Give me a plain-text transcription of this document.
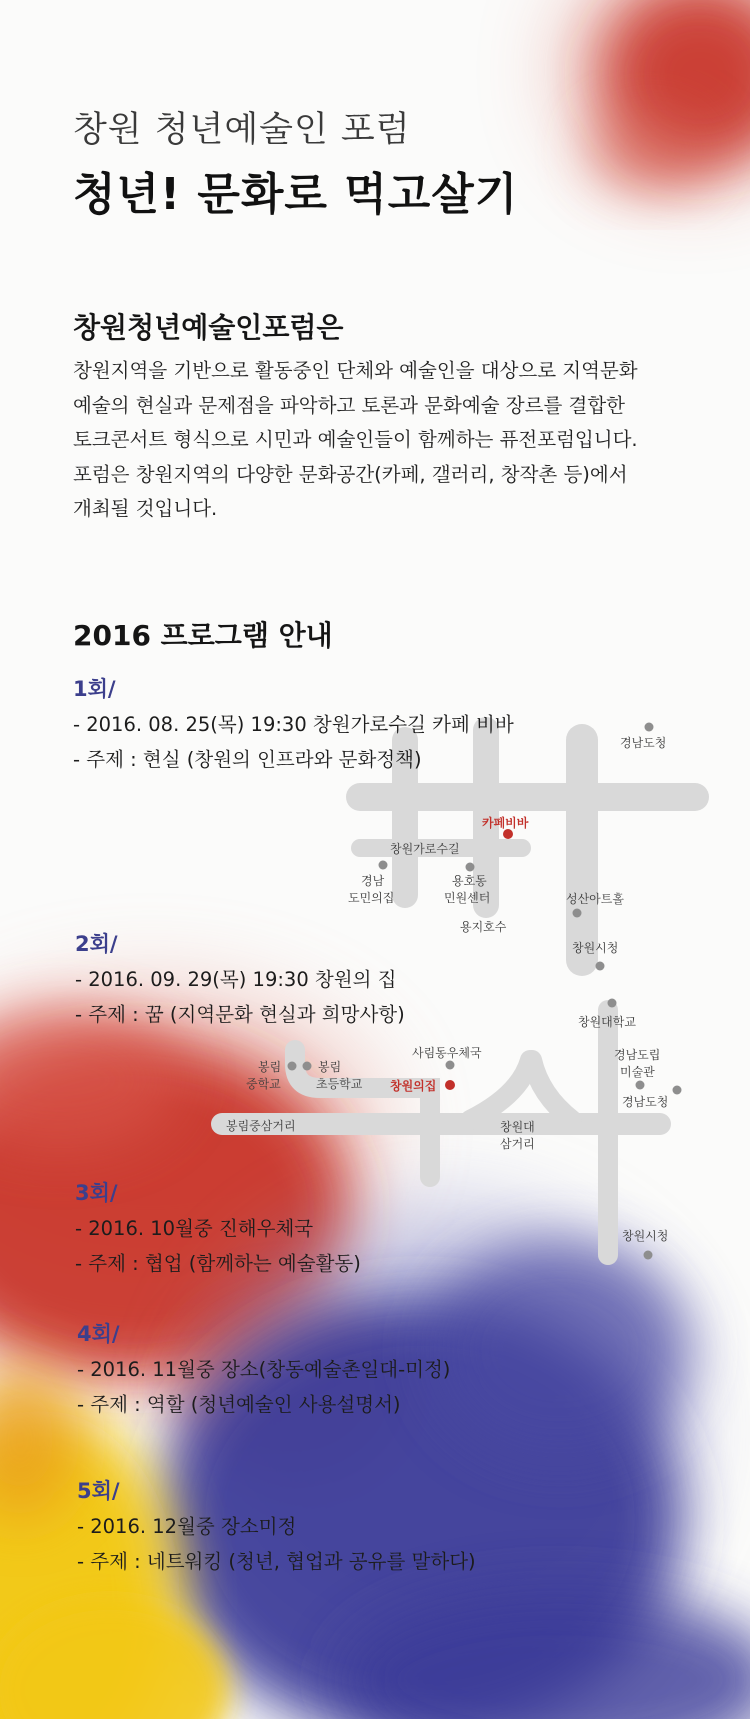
경남도청
카페비바
창원가로수길
경남
도민의집
용호동
민원센터	성산아트홀
용지호수
창원시청
창원대학교
사림동우체국	경남도립
미술관
경남도청
봉림
중학교
봉림
초등학교 창원의집
봉림중삼거리	창원대
삼거리
창원시청
창원 청년예술인 포럼
청년! 문화로 먹고살기
창원청년예술인포럼은
창원지역을 기반으로 활동중인 단체와 예술인을 대상으로 지역문화
예술의 현실과 문제점을 파악하고 토론과 문화예술 장르를 결합한
토크콘서트 형식으로 시민과 예술인들이 함께하는 퓨전포럼입니다.
포럼은 창원지역의 다양한 문화공간(카페, 갤러리, 창작촌 등)에서
개최될 것입니다.
2016 프로그램 안내
1회/
- 2016. 08. 25(목) 19:30 창원가로수길 카페 비바
- 주제 : 현실 (창원의 인프라와 문화정책)
2회/
- 2016. 09. 29(목) 19:30 창원의 집
- 주제 : 꿈 (지역문화 현실과 희망사항)
3회/
- 2016. 10월중 진해우체국
- 주제 : 협업 (함께하는 예술활동)
4회/
- 2016. 11월중 장소(창동예술촌일대-미정)
- 주제 : 역할 (청년예술인 사용설명서)
5회/
- 2016. 12월중 장소미정
- 주제 : 네트워킹 (청년, 협업과 공유를 말하다)
